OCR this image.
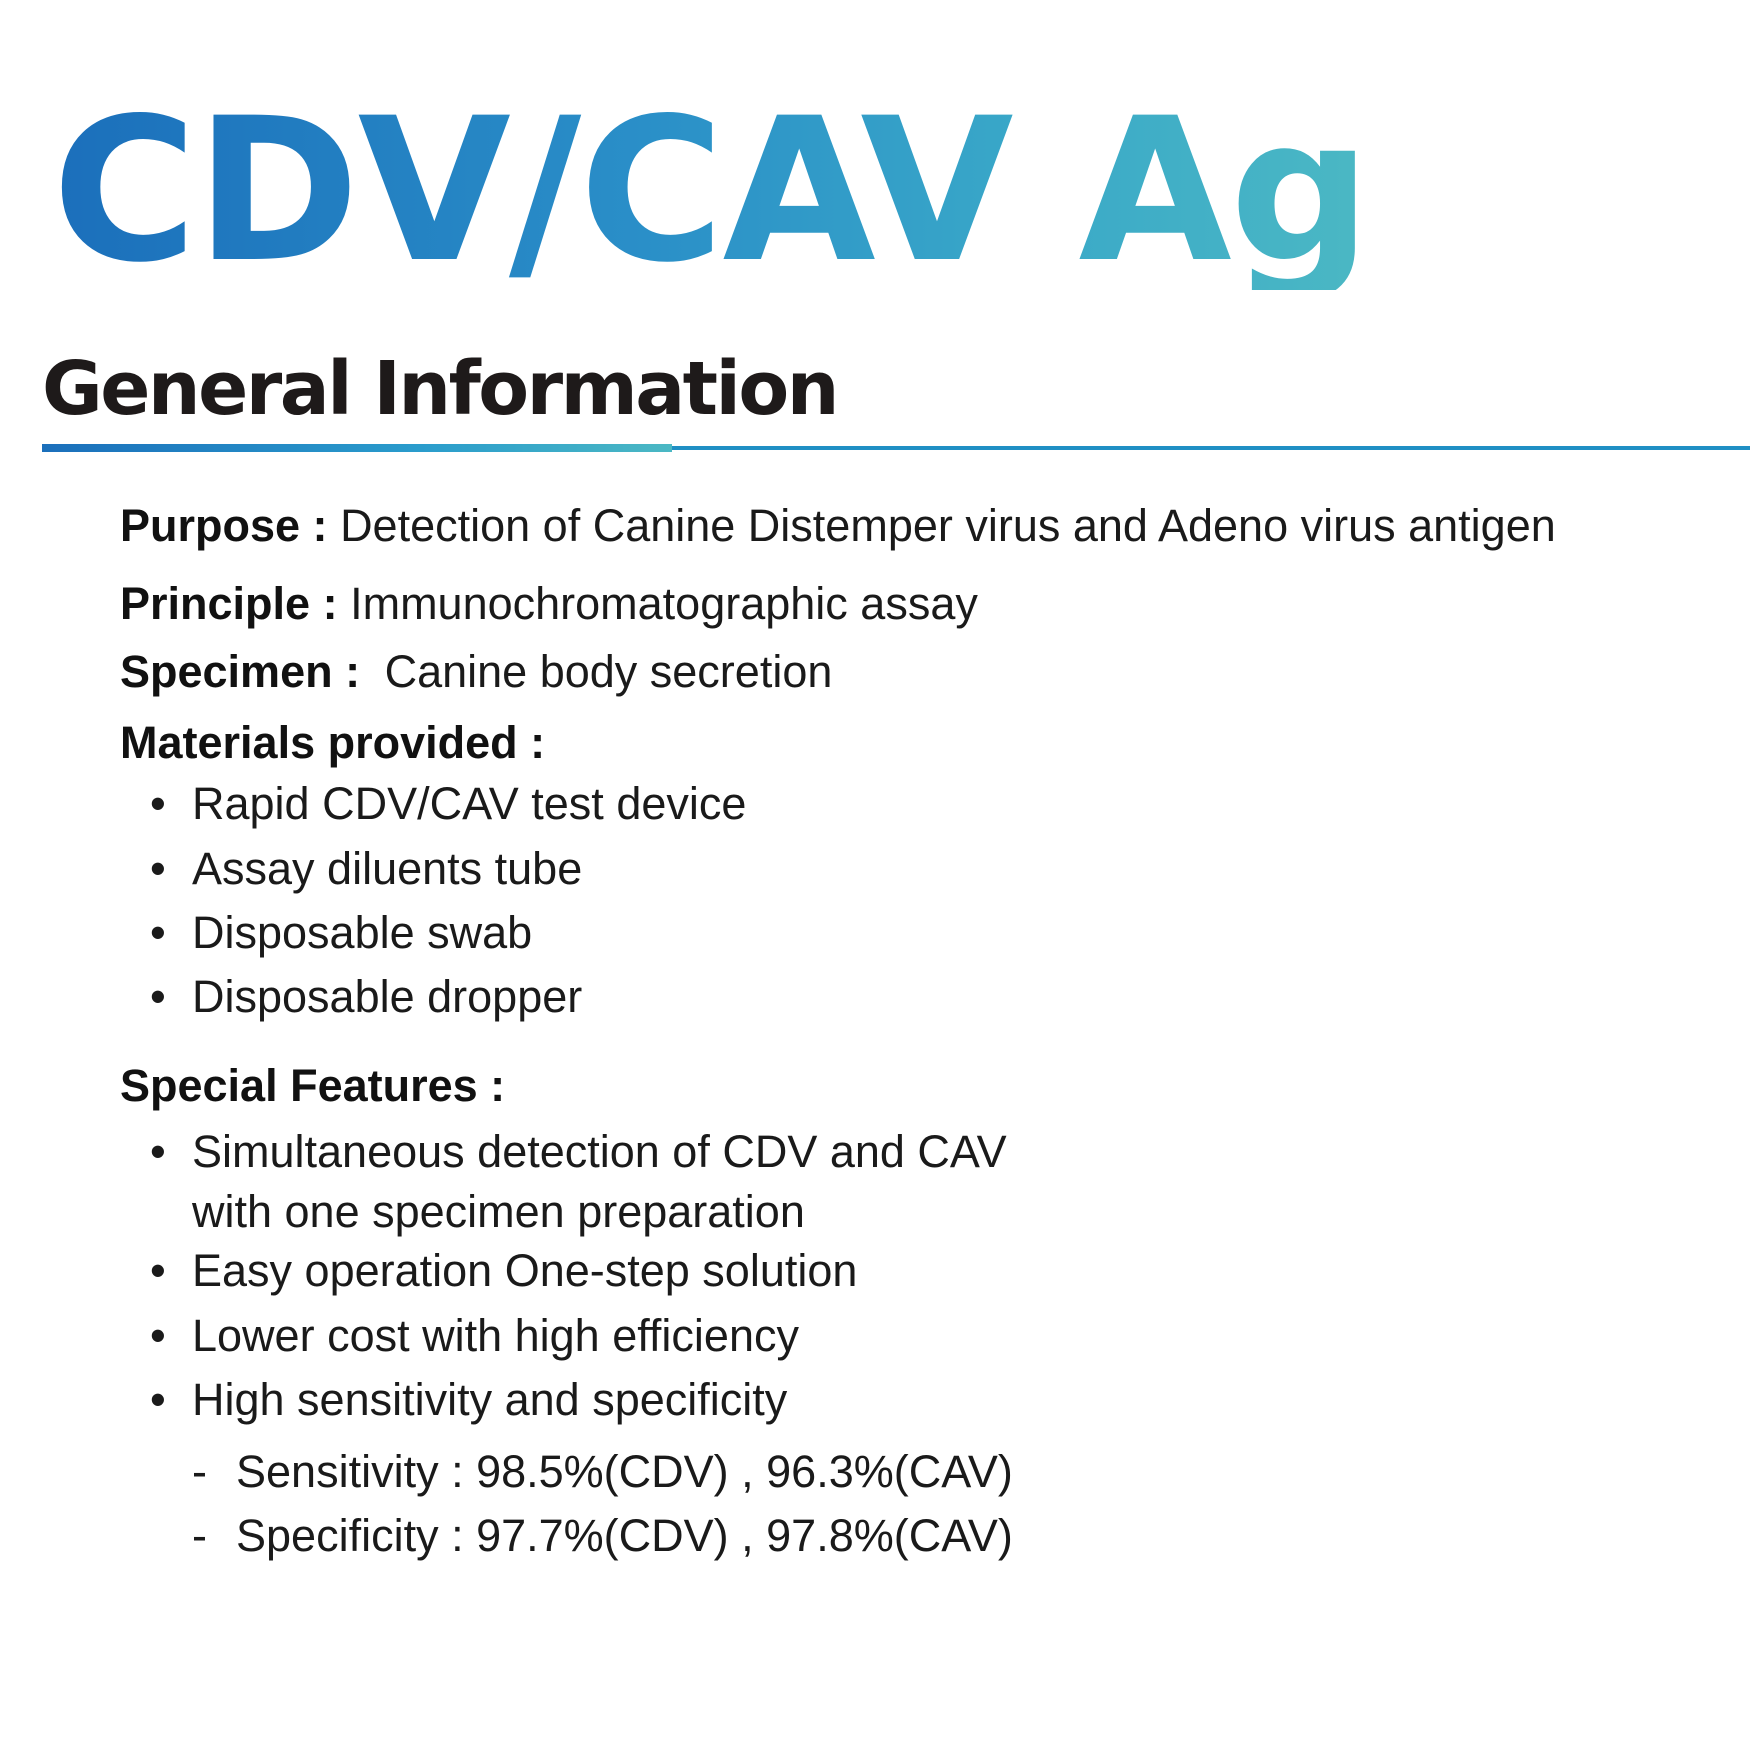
CDV/CAV Ag
General Information
Purpose : Detection of Canine Distemper virus and Adeno virus antigen
Principle : Immunochromatographic assay
Specimen : Canine body secretion
Materials provided :
• Rapid CDV/CAV test device
• Assay diluents tube
• Disposable swab
• Disposable dropper
Special Features :
• Simultaneous detection of CDV and CAV
with one specimen preparation
• Easy operation One-step solution
• Lower cost with high efficiency
• High sensitivity and specificity
- Sensitivity : 98.5%(CDV) , 96.3%(CAV)
- Specificity : 97.7%(CDV) , 97.8%(CAV)
